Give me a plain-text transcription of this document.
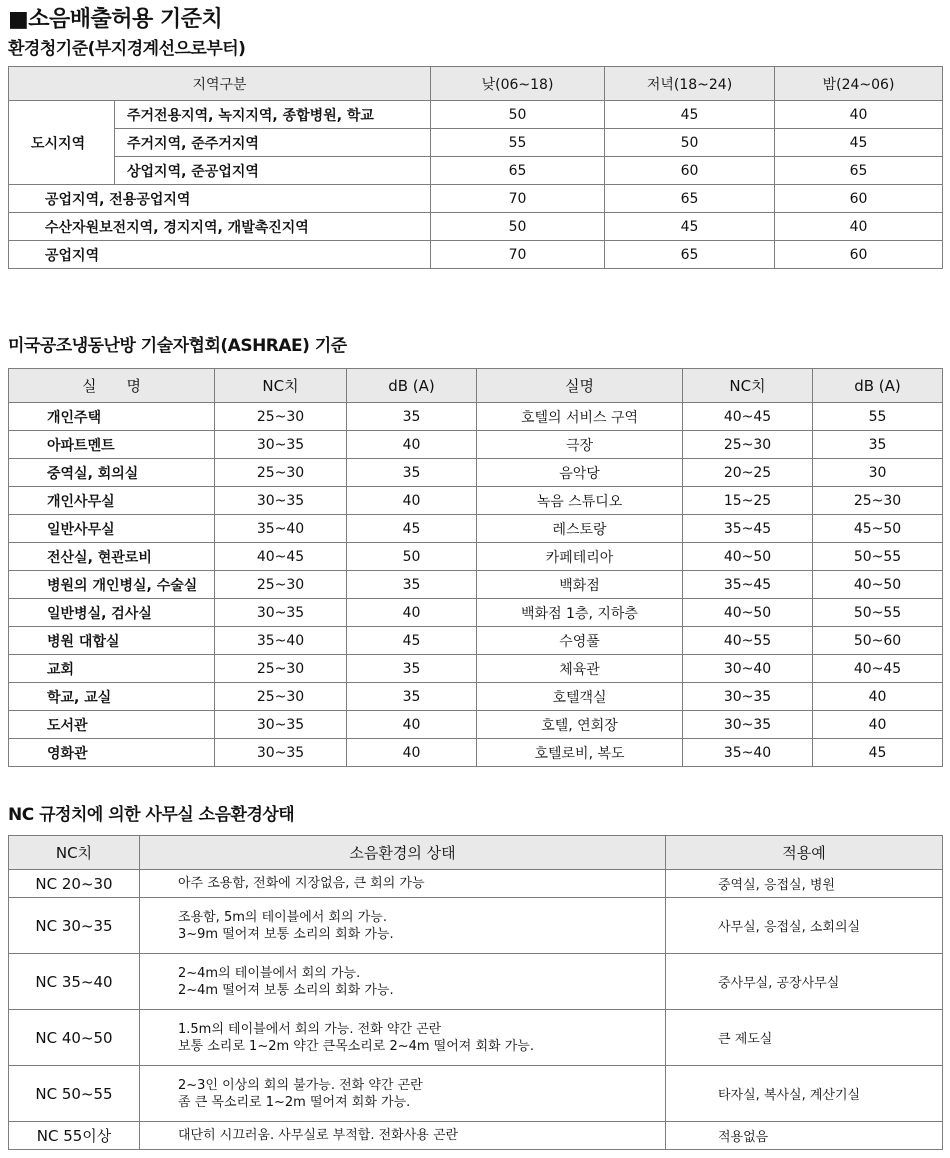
■소음배출허용 기준치
환경청기준(부지경계선으로부터)
지역구분		낮(06~18)	저녁(18~24)	밤(24~06)
도시지역	주거전용지역, 녹지지역, 종합병원, 학교	50	45	40
	주거지역, 준주거지역	55	50	45
	상업지역, 준공업지역	65	60	65
공업지역, 전용공업지역		70	65	60
수산자원보전지역, 경지지역, 개발촉진지역		50	45	40
공업지역		70	65	60
미국공조냉동난방 기술자협회(ASHRAE) 기준
실　　명	NC치	dB (A)	실명	NC치	dB (A)
개인주택	25~30	35	호텔의 서비스 구역	40~45	55
아파트멘트	30~35	40	극장	25~30	35
중역실, 회의실	25~30	35	음악당	20~25	30
개인사무실	30~35	40	녹음 스튜디오	15~25	25~30
일반사무실	35~40	45	레스토랑	35~45	45~50
전산실, 현관로비	40~45	50	카페테리아	40~50	50~55
병원의 개인병실, 수술실	25~30	35	백화점	35~45	40~50
일반병실, 검사실	30~35	40	백화점 1층, 지하층	40~50	50~55
병원 대합실	35~40	45	수영풀	40~55	50~60
교회	25~30	35	체육관	30~40	40~45
학교, 교실	25~30	35	호텔객실	30~35	40
도서관	30~35	40	호텔, 연회장	30~35	40
영화관	30~35	40	호텔로비, 복도	35~40	45
NC 규정치에 의한 사무실 소음환경상태
NC치	소음환경의 상태	적용예
NC 20~30	아주 조용함, 전화에 지장없음, 큰 회의 가능	중역실, 응접실, 병원
NC 30~35	조용함, 5m의 테이블에서 회의 가능.
3~9m 떨어져 보통 소리의 회화 가능.	사무실, 응접실, 소회의실
NC 35~40	2~4m의 테이블에서 회의 가능.
2~4m 떨어져 보통 소리의 회화 가능.	중사무실, 공장사무실
NC 40~50	1.5m의 테이블에서 회의 가능. 전화 약간 곤란
보통 소리로 1~2m 약간 큰목소리로 2~4m 떨어져 회화 가능.	큰 제도실
NC 50~55	2~3인 이상의 회의 불가능. 전화 약간 곤란
좀 큰 목소리로 1~2m 떨어져 회화 가능.	타자실, 복사실, 계산기실
NC 55이상	대단히 시끄러움. 사무실로 부적합. 전화사용 곤란	적용없음
